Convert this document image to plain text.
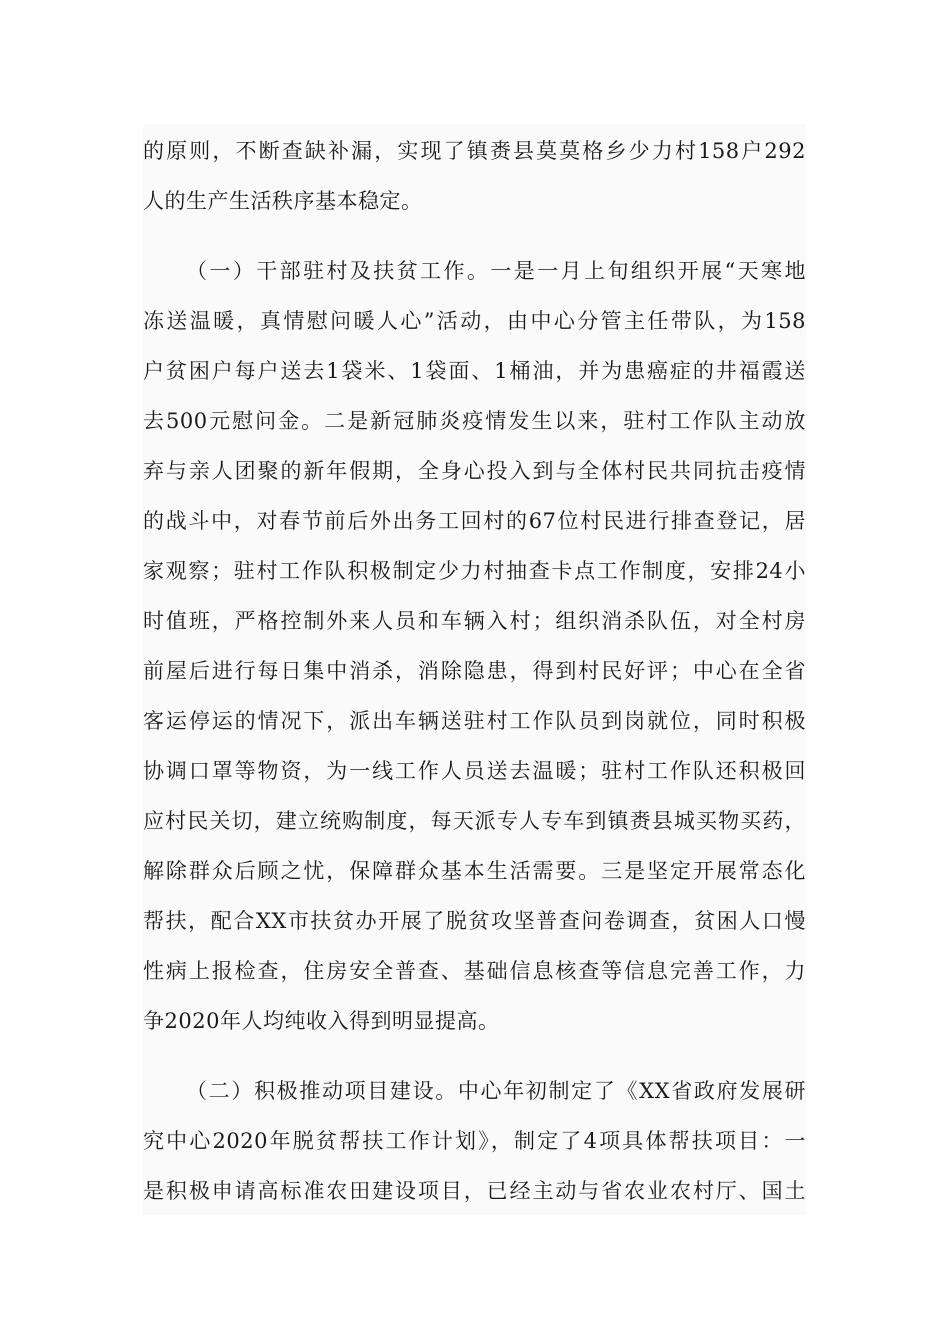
的原则，不断查缺补漏，实现了镇赉县莫莫格乡少力村158户292
人的生产生活秩序基本稳定。
（一）干部驻村及扶贫工作。一是一月上旬组织开展“天寒地
冻送温暖，真情慰问暖人心”活动，由中心分管主任带队，为158
户贫困户每户送去1袋米、1袋面、1桶油，并为患癌症的井福霞送
去500元慰问金。二是新冠肺炎疫情发生以来，驻村工作队主动放
弃与亲人团聚的新年假期，全身心投入到与全体村民共同抗击疫情
的战斗中，对春节前后外出务工回村的67位村民进行排查登记，居
家观察；驻村工作队积极制定少力村抽查卡点工作制度，安排24小
时值班，严格控制外来人员和车辆入村；组织消杀队伍，对全村房
前屋后进行每日集中消杀，消除隐患，得到村民好评；中心在全省
客运停运的情况下，派出车辆送驻村工作队员到岗就位，同时积极
协调口罩等物资，为一线工作人员送去温暖；驻村工作队还积极回
应村民关切，建立统购制度，每天派专人专车到镇赉县城买物买药，
解除群众后顾之忧，保障群众基本生活需要。三是坚定开展常态化
帮扶，配合XX市扶贫办开展了脱贫攻坚普查问卷调查，贫困人口慢
性病上报检查，住房安全普查、基础信息核查等信息完善工作，力
争2020年人均纯收入得到明显提高。
（二）积极推动项目建设。中心年初制定了《XX省政府发展研
究中心2020年脱贫帮扶工作计划》，制定了4项具体帮扶项目：一
是积极申请高标准农田建设项目，已经主动与省农业农村厅、国土
